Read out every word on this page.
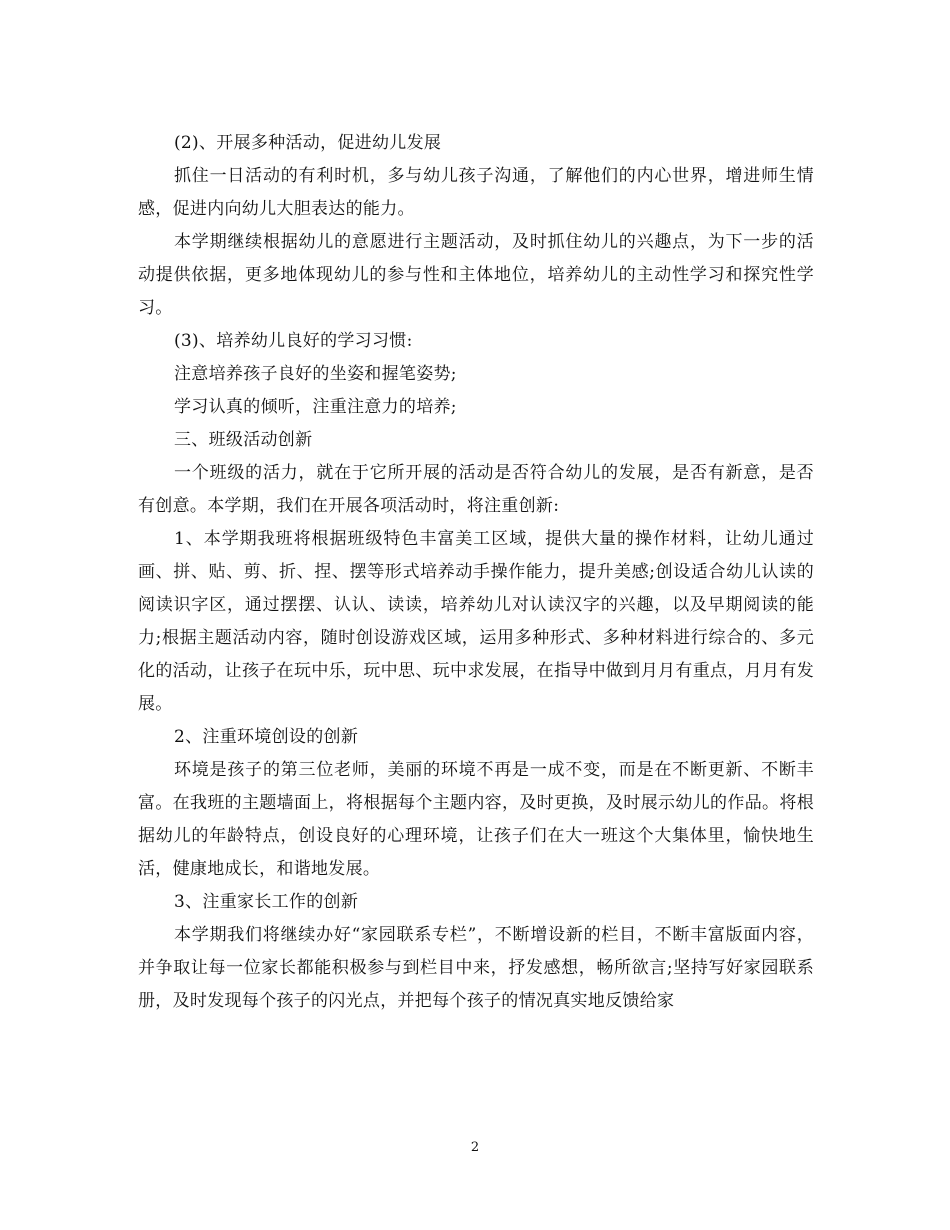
(2)、开展多种活动，促进幼儿发展

抓住一日活动的有利时机，多与幼儿孩子沟通，了解他们的内心世界，增进师生情感，促进内向幼儿大胆表达的能力。

本学期继续根据幼儿的意愿进行主题活动，及时抓住幼儿的兴趣点，为下一步的活动提供依据，更多地体现幼儿的参与性和主体地位，培养幼儿的主动性学习和探究性学习。

(3)、培养幼儿良好的学习习惯:

注意培养孩子良好的坐姿和握笔姿势;

学习认真的倾听，注重注意力的培养;

三、班级活动创新

一个班级的活力，就在于它所开展的活动是否符合幼儿的发展，是否有新意，是否有创意。本学期，我们在开展各项活动时，将注重创新:

1、本学期我班将根据班级特色丰富美工区域，提供大量的操作材料，让幼儿通过画、拼、贴、剪、折、捏、摆等形式培养动手操作能力，提升美感;创设适合幼儿认读的阅读识字区，通过摆摆、认认、读读，培养幼儿对认读汉字的兴趣，以及早期阅读的能力;根据主题活动内容，随时创设游戏区域，运用多种形式、多种材料进行综合的、多元化的活动，让孩子在玩中乐，玩中思、玩中求发展，在指导中做到月月有重点，月月有发展。

2、注重环境创设的创新

环境是孩子的第三位老师，美丽的环境不再是一成不变，而是在不断更新、不断丰富。在我班的主题墙面上，将根据每个主题内容，及时更换，及时展示幼儿的作品。将根据幼儿的年龄特点，创设良好的心理环境，让孩子们在大一班这个大集体里，愉快地生活，健康地成长，和谐地发展。

3、注重家长工作的创新

本学期我们将继续办好“家园联系专栏”，不断增设新的栏目，不断丰富版面内容，并争取让每一位家长都能积极参与到栏目中来，抒发感想，畅所欲言;坚持写好家园联系册，及时发现每个孩子的闪光点，并把每个孩子的情况真实地反馈给家

2
